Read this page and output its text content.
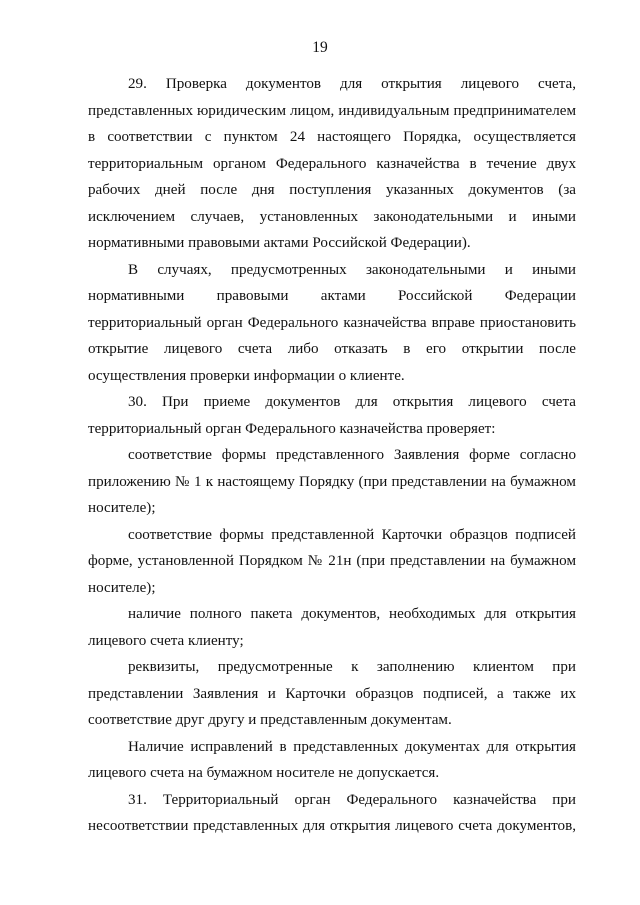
19
29. Проверка документов для открытия лицевого счета,
представленных юридическим лицом, индивидуальным предпринимателем
в соответствии с пунктом 24 настоящего Порядка, осуществляется
территориальным органом Федерального казначейства в течение двух
рабочих дней после дня поступления указанных документов (за
исключением случаев, установленных законодательными и иными
нормативными правовыми актами Российской Федерации).
В случаях, предусмотренных законодательными и иными
нормативными правовыми актами Российской Федерации
территориальный орган Федерального казначейства вправе приостановить
открытие лицевого счета либо отказать в его открытии после
осуществления проверки информации о клиенте.
30. При приеме документов для открытия лицевого счета
территориальный орган Федерального казначейства проверяет:
соответствие формы представленного Заявления форме согласно
приложению № 1 к настоящему Порядку (при представлении на бумажном
носителе);
соответствие формы представленной Карточки образцов подписей
форме, установленной Порядком № 21н (при представлении на бумажном
носителе);
наличие полного пакета документов, необходимых для открытия
лицевого счета клиенту;
реквизиты, предусмотренные к заполнению клиентом при
представлении Заявления и Карточки образцов подписей, а также их
соответствие друг другу и представленным документам.
Наличие исправлений в представленных документах для открытия
лицевого счета на бумажном носителе не допускается.
31. Территориальный орган Федерального казначейства при
несоответствии представленных для открытия лицевого счета документов,
